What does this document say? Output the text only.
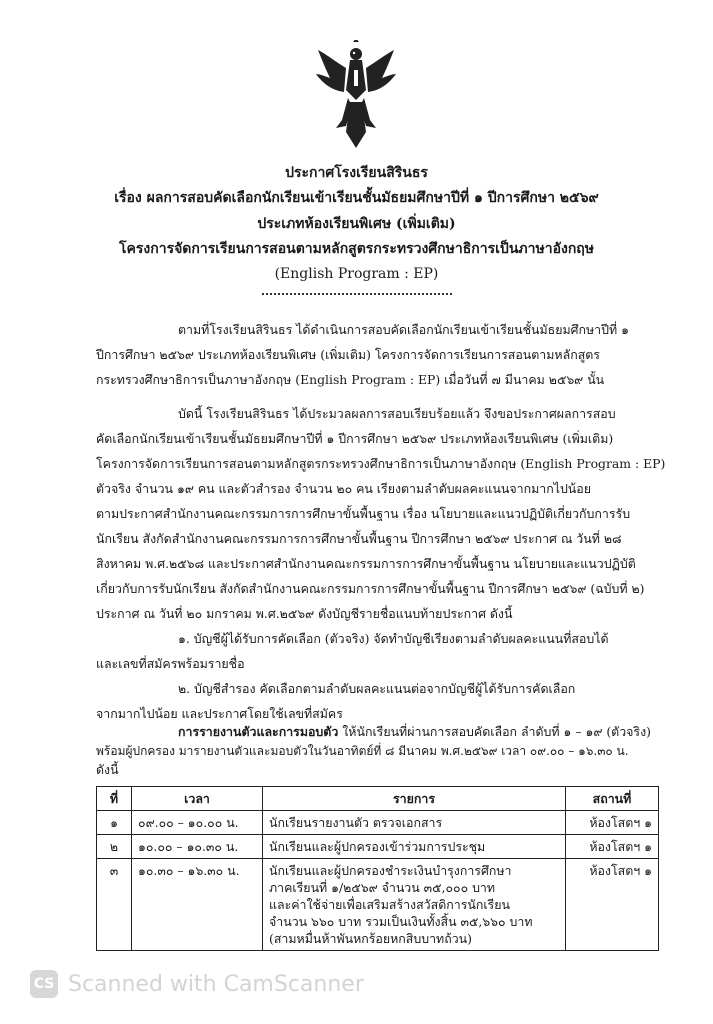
ประกาศโรงเรียนสิรินธร
เรื่อง ผลการสอบคัดเลือกนักเรียนเข้าเรียนชั้นมัธยมศึกษาปีที่ ๑ ปีการศึกษา ๒๕๖๙
ประเภทห้องเรียนพิเศษ (เพิ่มเติม)
โครงการจัดการเรียนการสอนตามหลักสูตรกระทรวงศึกษาธิการเป็นภาษาอังกฤษ
(English Program : EP)
ตามที่โรงเรียนสิรินธร ได้ดำเนินการสอบคัดเลือกนักเรียนเข้าเรียนชั้นมัธยมศึกษาปีที่ ๑
ปีการศึกษา ๒๕๖๙ ประเภทห้องเรียนพิเศษ (เพิ่มเติม) โครงการจัดการเรียนการสอนตามหลักสูตร
กระทรวงศึกษาธิการเป็นภาษาอังกฤษ (English Program : EP) เมื่อวันที่ ๗ มีนาคม ๒๕๖๙ นั้น
บัดนี้ โรงเรียนสิรินธร ได้ประมวลผลการสอบเรียบร้อยแล้ว จึงขอประกาศผลการสอบ
คัดเลือกนักเรียนเข้าเรียนชั้นมัธยมศึกษาปีที่ ๑ ปีการศึกษา ๒๕๖๙ ประเภทห้องเรียนพิเศษ (เพิ่มเติม)
โครงการจัดการเรียนการสอนตามหลักสูตรกระทรวงศึกษาธิการเป็นภาษาอังกฤษ (English Program : EP)
ตัวจริง จำนวน ๑๙ คน และตัวสำรอง จำนวน ๒๐ คน เรียงตามลำดับผลคะแนนจากมากไปน้อย
ตามประกาศสำนักงานคณะกรรมการการศึกษาขั้นพื้นฐาน เรื่อง นโยบายและแนวปฏิบัติเกี่ยวกับการรับ
นักเรียน สังกัดสำนักงานคณะกรรมการการศึกษาขั้นพื้นฐาน ปีการศึกษา ๒๕๖๙ ประกาศ ณ วันที่ ๒๘
สิงหาคม พ.ศ.๒๕๖๘ และประกาศสำนักงานคณะกรรมการการศึกษาขั้นพื้นฐาน นโยบายและแนวปฏิบัติ
เกี่ยวกับการรับนักเรียน สังกัดสำนักงานคณะกรรมการการศึกษาขั้นพื้นฐาน ปีการศึกษา ๒๕๖๙ (ฉบับที่ ๒)
ประกาศ ณ วันที่ ๒๐ มกราคม พ.ศ.๒๕๖๙ ดังบัญชีรายชื่อแนบท้ายประกาศ ดังนี้
๑. บัญชีผู้ได้รับการคัดเลือก (ตัวจริง) จัดทำบัญชีเรียงตามลำดับผลคะแนนที่สอบได้
และเลขที่สมัครพร้อมรายชื่อ
๒. บัญชีสำรอง คัดเลือกตามลำดับผลคะแนนต่อจากบัญชีผู้ได้รับการคัดเลือก
จากมากไปน้อย และประกาศโดยใช้เลขที่สมัคร
การรายงานตัวและการมอบตัว ให้นักเรียนที่ผ่านการสอบคัดเลือก ลำดับที่ ๑ – ๑๙ (ตัวจริง)
พร้อมผู้ปกครอง มารายงานตัวและมอบตัวในวันอาทิตย์ที่ ๘ มีนาคม พ.ศ.๒๕๖๙ เวลา ๐๙.๐๐ – ๑๖.๓๐ น.
ดังนี้
ที่	เวลา	รายการ	สถานที่
๑	๐๙.๐๐ – ๑๐.๐๐ น.	นักเรียนรายงานตัว ตรวจเอกสาร	ห้องโสตฯ ๑
๒	๑๐.๐๐ – ๑๐.๓๐ น.	นักเรียนและผู้ปกครองเข้าร่วมการประชุม	ห้องโสตฯ ๑
๓	๑๐.๓๐ – ๑๖.๓๐ น.	นักเรียนและผู้ปกครองชำระเงินบำรุงการศึกษา
ภาคเรียนที่ ๑/๒๕๖๙ จำนวน ๓๕,๐๐๐ บาท
และค่าใช้จ่ายเพื่อเสริมสร้างสวัสดิการนักเรียน
จำนวน ๖๖๐ บาท รวมเป็นเงินทั้งสิ้น ๓๕,๖๖๐ บาท
(สามหมื่นห้าพันหกร้อยหกสิบบาทถ้วน)	ห้องโสตฯ ๑
CS Scanned with CamScanner
